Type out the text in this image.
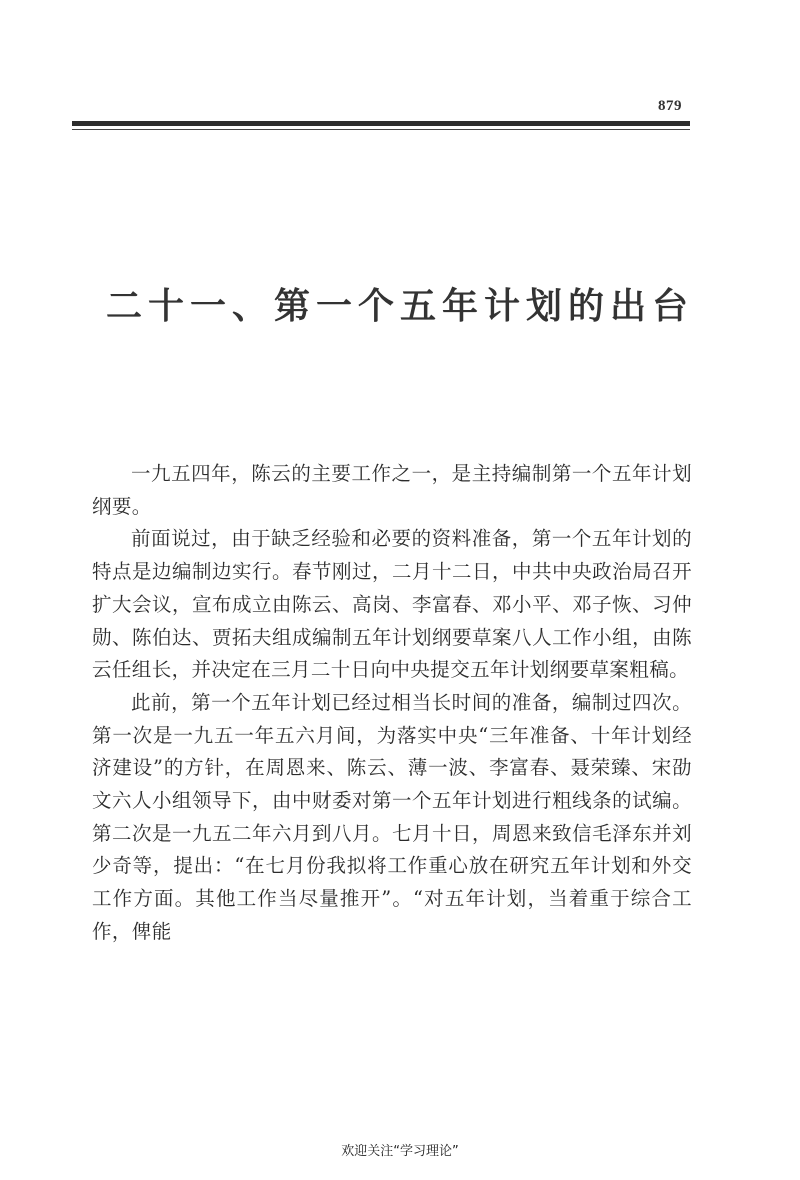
879
二十一、第一个五年计划的出台

一九五四年，陈云的主要工作之一，是主持编制第一个五年计划纲要。

前面说过，由于缺乏经验和必要的资料准备，第一个五年计划的特点是边编制边实行。春节刚过，二月十二日，中共中央政治局召开扩大会议，宣布成立由陈云、高岗、李富春、邓小平、邓子恢、习仲勋、陈伯达、贾拓夫组成编制五年计划纲要草案八人工作小组，由陈云任组长，并决定在三月二十日向中央提交五年计划纲要草案粗稿。

此前，第一个五年计划已经过相当长时间的准备，编制过四次。第一次是一九五一年五六月间，为落实中央“三年准备、十年计划经济建设”的方针，在周恩来、陈云、薄一波、李富春、聂荣臻、宋劭文六人小组领导下，由中财委对第一个五年计划进行粗线条的试编。第二次是一九五二年六月到八月。七月十日，周恩来致信毛泽东并刘少奇等，提出：“在七月份我拟将工作重心放在研究五年计划和外交工作方面。其他工作当尽量推开”。“对五年计划，当着重于综合工作，俾能

欢迎关注“学习理论”
